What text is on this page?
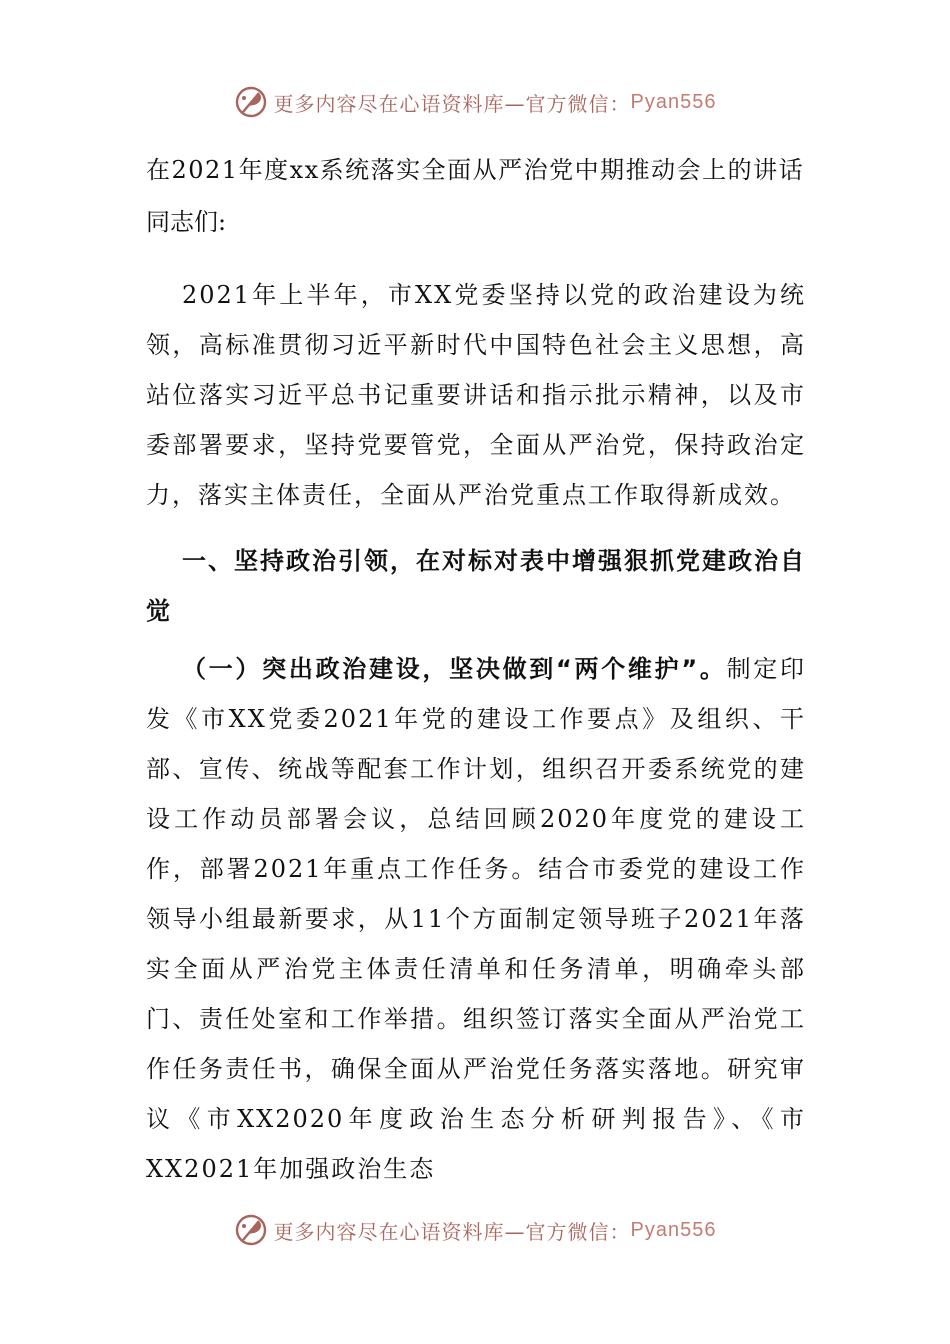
更多内容尽在心语资料库—官方微信： Pyan556
在2021年度xx系统落实全面从严治党中期推动会上的讲话

同志们:

2021年上半年，市XX党委坚持以党的政治建设为统领，高标准贯彻习近平新时代中国特色社会主义思想，高站位落实习近平总书记重要讲话和指示批示精神，以及市委部署要求，坚持党要管党，全面从严治党，保持政治定力，落实主体责任，全面从严治党重点工作取得新成效。

一、坚持政治引领，在对标对表中增强狠抓党建政治自觉

（一）突出政治建设，坚决做到“两个维护”。制定印发《市XX党委2021年党的建设工作要点》及组织、干部、宣传、统战等配套工作计划，组织召开委系统党的建设工作动员部署会议，总结回顾2020年度党的建设工作，部署2021年重点工作任务。结合市委党的建设工作领导小组最新要求，从11个方面制定领导班子2021年落实全面从严治党主体责任清单和任务清单，明确牵头部门、责任处室和工作举措。组织签订落实全面从严治党工作任务责任书，确保全面从严治党任务落实落地。研究审议《市XX2020年度政治生态分析研判报告》、《市XX2021年加强政治生态

更多内容尽在心语资料库—官方微信： Pyan556
